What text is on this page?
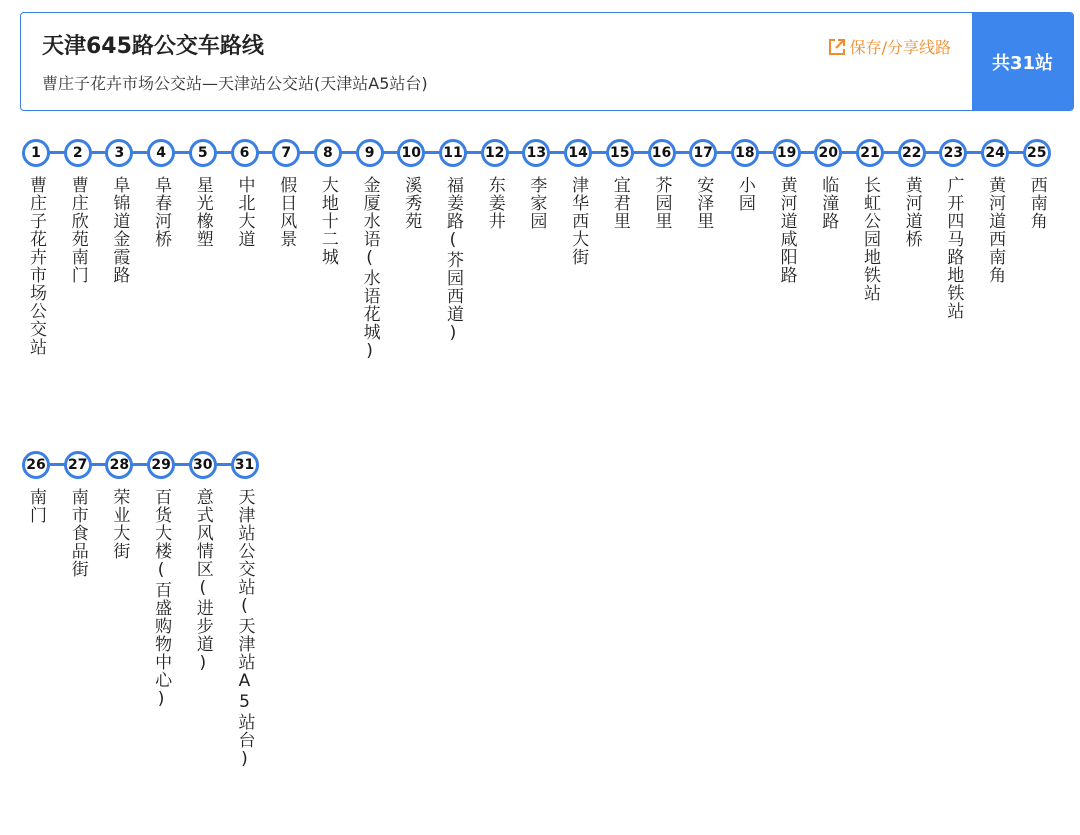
天津645路公交车路线
曹庄子花卉市场公交站—天津站公交站(天津站A5站台)
保存/分享线路
共31站
1
曹庄子花卉市场公交站
2
曹庄欣苑南门
3
阜锦道金霞路
4
阜春河桥
5
星光橡塑
6
中北大道
7
假日风景
8
大地十二城
9
金厦水语(水语花城)
10
溪秀苑
11
福姜路(芥园西道)
12
东姜井
13
李家园
14
津华西大街
15
宜君里
16
芥园里
17
安泽里
18
小园
19
黄河道咸阳路
20
临潼路
21
长虹公园地铁站
22
黄河道桥
23
广开四马路地铁站
24
黄河道西南角
25
西南角
26
南门
27
南市食品街
28
荣业大街
29
百货大楼(百盛购物中心)
30
意式风情区(进步道)
31
天津站公交站(天津站A5站台)
